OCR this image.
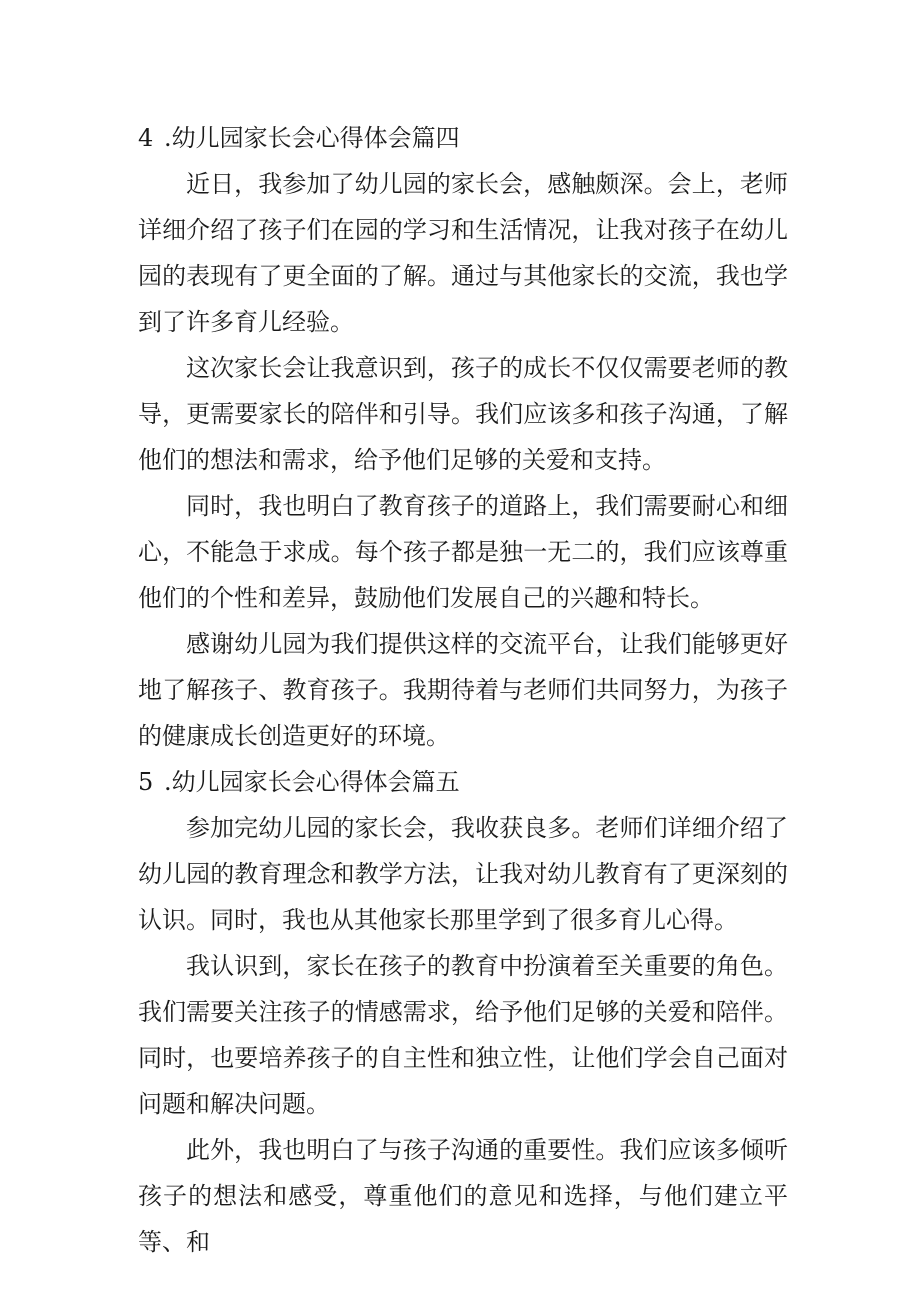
4 .幼儿园家长会心得体会篇四

近日，我参加了幼儿园的家长会，感触颇深。会上，老师详细介绍了孩子们在园的学习和生活情况，让我对孩子在幼儿园的表现有了更全面的了解。通过与其他家长的交流，我也学到了许多育儿经验。

这次家长会让我意识到，孩子的成长不仅仅需要老师的教导，更需要家长的陪伴和引导。我们应该多和孩子沟通，了解他们的想法和需求，给予他们足够的关爱和支持。

同时，我也明白了教育孩子的道路上，我们需要耐心和细心，不能急于求成。每个孩子都是独一无二的，我们应该尊重他们的个性和差异，鼓励他们发展自己的兴趣和特长。

感谢幼儿园为我们提供这样的交流平台，让我们能够更好地了解孩子、教育孩子。我期待着与老师们共同努力，为孩子的健康成长创造更好的环境。

5 .幼儿园家长会心得体会篇五

参加完幼儿园的家长会，我收获良多。老师们详细介绍了幼儿园的教育理念和教学方法，让我对幼儿教育有了更深刻的认识。同时，我也从其他家长那里学到了很多育儿心得。

我认识到，家长在孩子的教育中扮演着至关重要的角色。我们需要关注孩子的情感需求，给予他们足够的关爱和陪伴。同时，也要培养孩子的自主性和独立性，让他们学会自己面对问题和解决问题。

此外，我也明白了与孩子沟通的重要性。我们应该多倾听孩子的想法和感受，尊重他们的意见和选择，与他们建立平等、和
